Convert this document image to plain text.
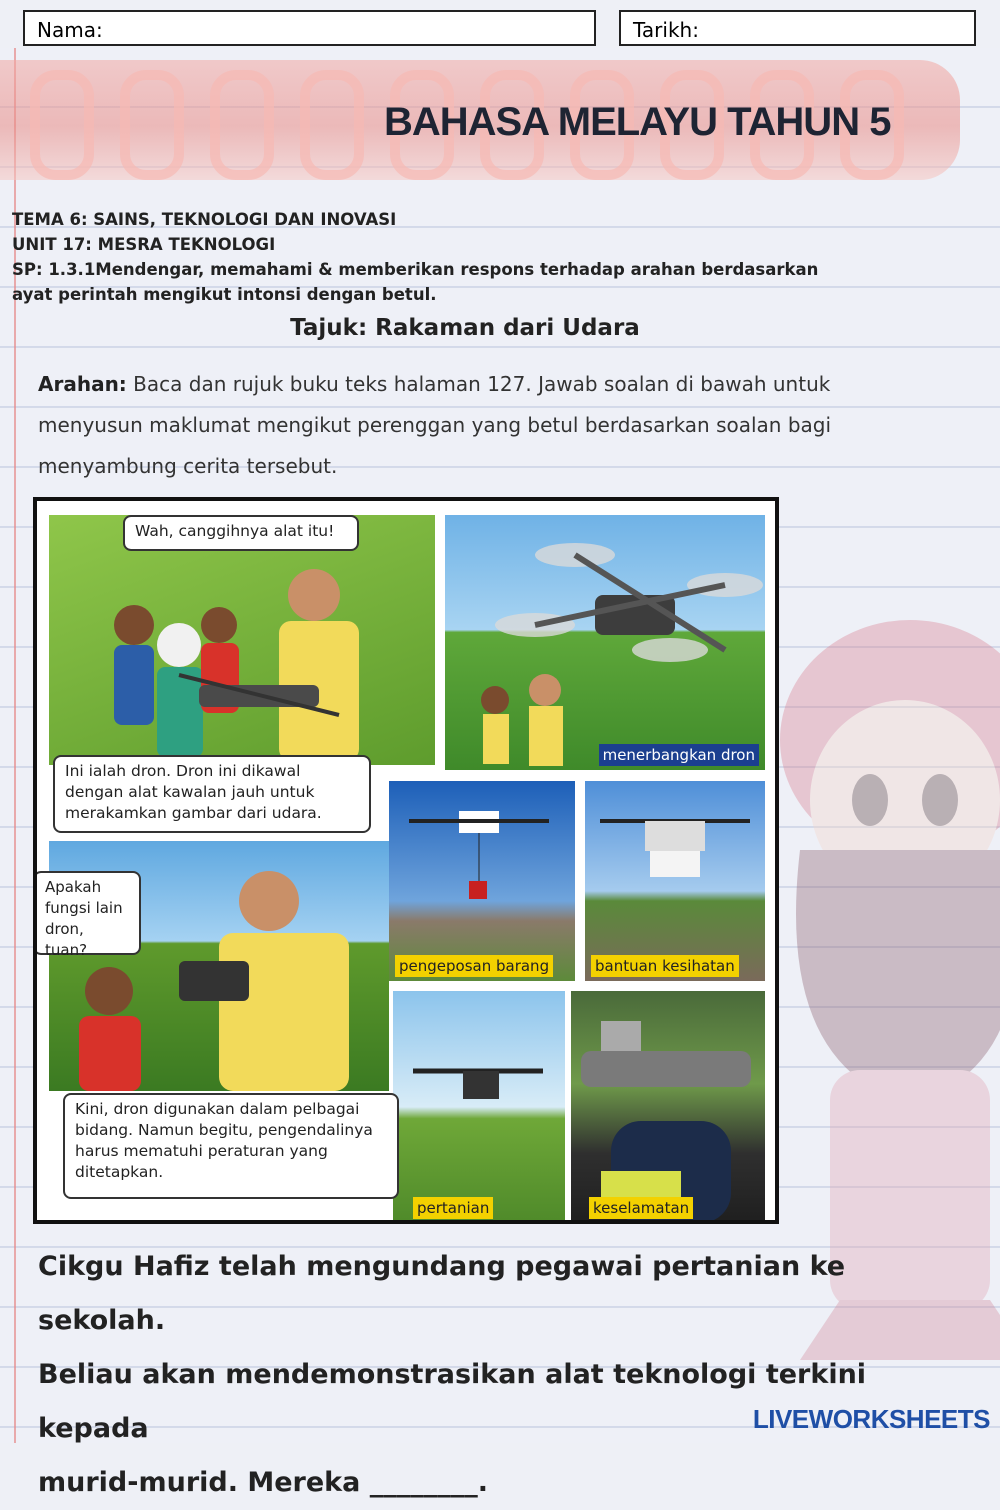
Nama:	Tarikh:
BAHASA MELAYU TAHUN 5
TEMA 6: SAINS, TEKNOLOGI DAN INOVASI
UNIT 17: MESRA TEKNOLOGI
SP: 1.3.1Mendengar, memahami & memberikan respons terhadap arahan berdasarkan
ayat perintah mengikut intonsi dengan betul.
Tajuk: Rakaman dari Udara
Arahan: Baca dan rujuk buku teks halaman 127. Jawab soalan di bawah untuk menyusun maklumat mengikut perenggan yang betul berdasarkan soalan bagi menyambung cerita tersebut.
menerbangkan dron
pengeposan barang	bantuan kesihatan
pertanian	keselamatan
Wah, canggihnya alat itu!
Ini ialah dron. Dron ini dikawal dengan alat kawalan jauh untuk merakamkan gambar dari udara.
Apakah fungsi lain dron, tuan?
Kini, dron digunakan dalam pelbagai bidang. Namun begitu, pengendalinya harus mematuhi peraturan yang ditetapkan.
Cikgu Hafiz telah mengundang pegawai pertanian ke sekolah.
Beliau akan mendemonstrasikan alat teknologi terkini kepada
murid-murid. Mereka ________.
LIVEWORKSHEETS
